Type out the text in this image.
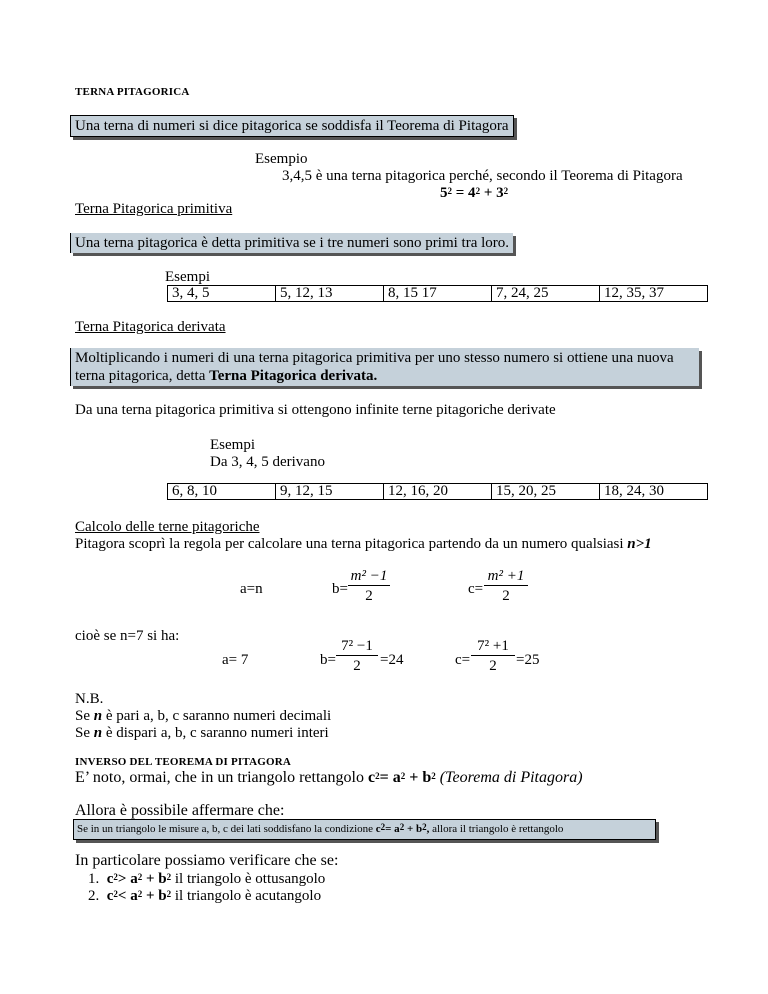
TERNA PITAGORICA
Una terna di numeri si dice pitagorica se soddisfa il Teorema di Pitagora
Esempio
3,4,5 è una terna pitagorica perché, secondo il Teorema di Pitagora
$5^2 = 4^2 + 3^2$
Terna Pitagorica primitiva
Una terna pitagorica è detta primitiva se i tre numeri sono primi tra loro.
Esempi
3, 4, 5	5, 12, 13	8, 15 17	7, 24, 25	12, 35, 37
Terna Pitagorica derivata
Moltiplicando i numeri di una terna pitagorica primitiva per uno stesso numero si ottiene una nuova
terna pitagorica, detta Terna Pitagorica derivata.
Da una terna pitagorica primitiva si ottengono infinite terne pitagoriche derivate
Esempi
Da 3, 4, 5 derivano
6, 8, 10	9, 12, 15	12, 16, 20	15, 20, 25	18, 24, 30
Calcolo delle terne pitagoriche
Pitagora scoprì la regola per calcolare una terna pitagorica partendo da un numero qualsiasi n>1
a=n	b=
m² −1
2	c=
m² +1
2
cioè se n=7 si ha:
a= 7	b=
7² −1
2	=24	c=
7² +1
2	=25
N.B.
Se n è pari a, b, c saranno numeri decimali
Se n è dispari a, b, c saranno numeri interi
INVERSO DEL TEOREMA DI PITAGORA
E’ noto, ormai, che in un triangolo rettangolo $c^2= a^2 + b^2$ (Teorema di Pitagora)
Allora è possibile affermare che:
Se in un triangolo le misure a, b, c dei lati soddisfano la condizione $c^2= a^2 + b^2$, allora il triangolo è rettangolo
In particolare possiamo verificare che se:
1. $c^2> a^2 + b^2$ il triangolo è ottusangolo
2. $c^2< a^2 + b^2$ il triangolo è acutangolo
